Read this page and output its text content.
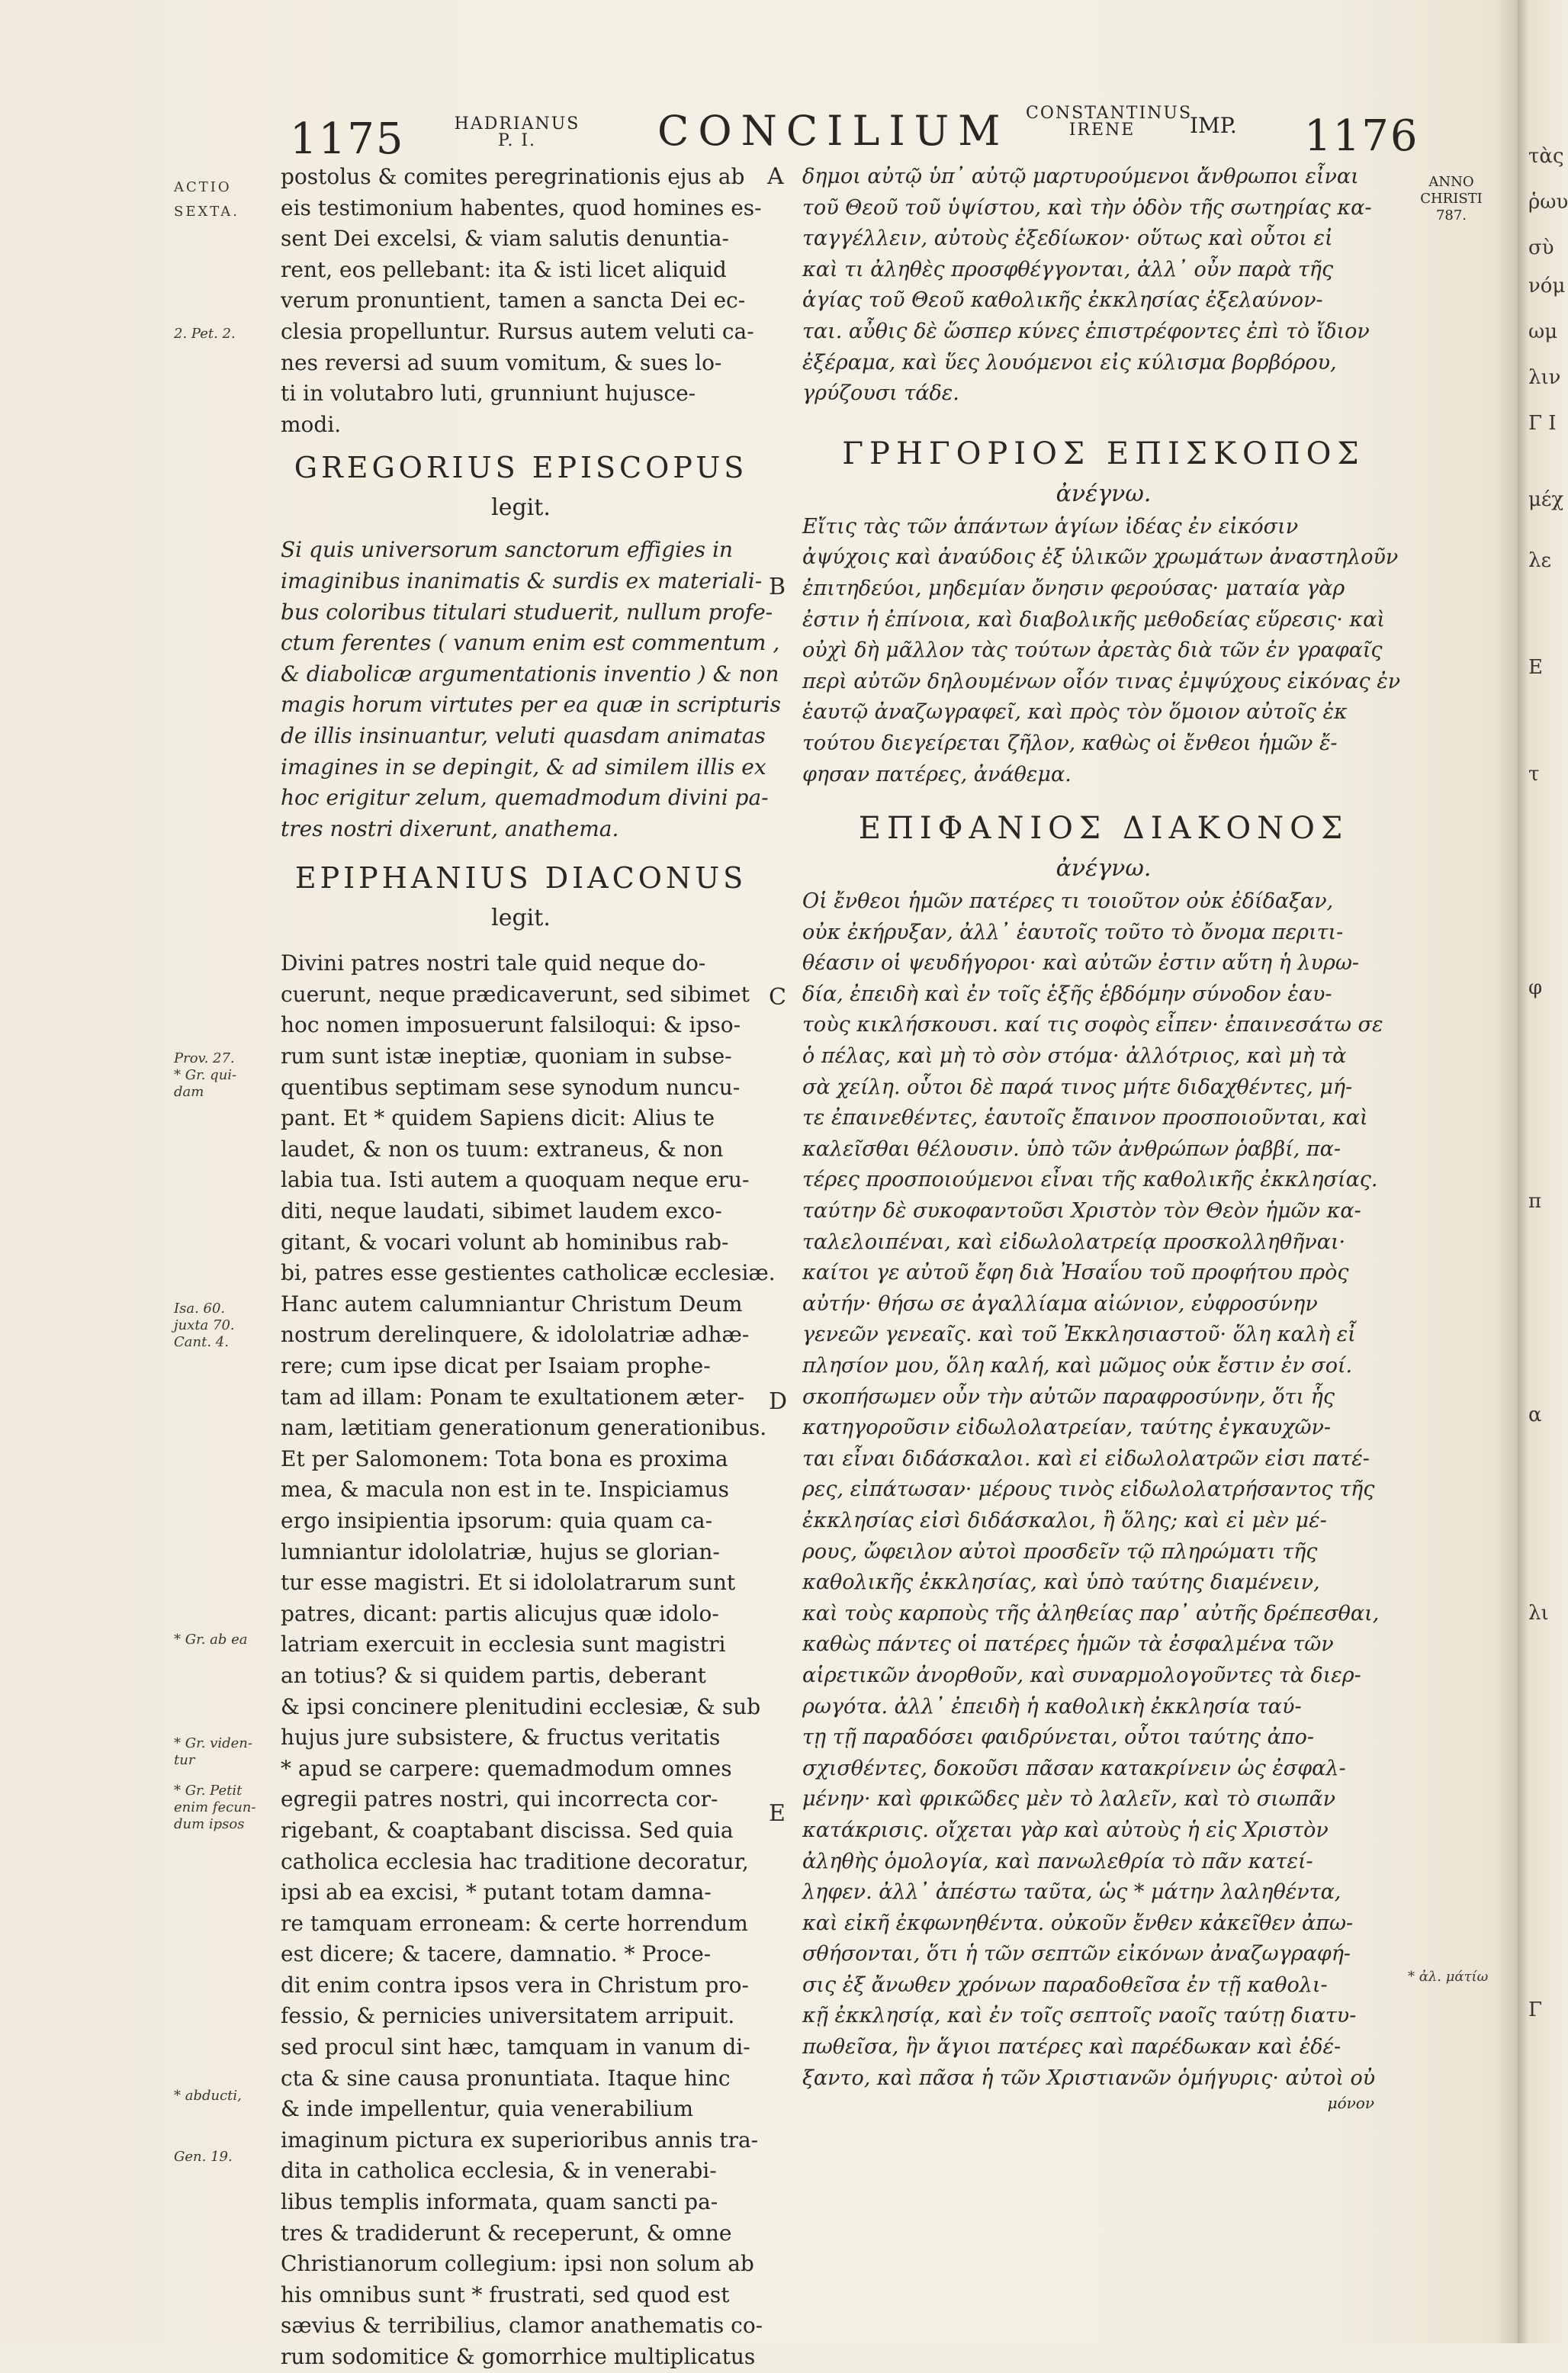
1175	HADRIANUS
P. I.	CONCILIUM CONSTANTINUS
IRENE	IMP. 1176
ANNO
CHRISTI
787.
ACTIO
SEXTA.
2. Pet. 2.
Prov. 27.
* Gr. qui-
dam
Isa. 60.
juxta 70.
Cant. 4.
* Gr. ab ea
* Gr. viden-
tur
* Gr. Petit
enim fecun-
dum ipsos
* abducti,
Gen. 19.
* ἀλ. μάτίω
A
B
C
D
E
postolus & comites peregrinationis ejus ab
eis testimonium habentes, quod homines es-
sent Dei excelsi, & viam salutis denuntia-
rent, eos pellebant: ita & isti licet aliquid
verum pronuntient, tamen a sancta Dei ec-
clesia propelluntur. Rursus autem veluti ca-
nes reversi ad suum vomitum, & sues lo-
ti in volutabro luti, grunniunt hujusce-
modi.
GREGORIUS EPISCOPUS
legit.
Si quis universorum sanctorum effigies in
imaginibus inanimatis & surdis ex materiali-
bus coloribus titulari studuerit, nullum profe-
ctum ferentes ( vanum enim est commentum ,
& diabolicæ argumentationis inventio ) & non
magis horum virtutes per ea quæ in scripturis
de illis insinuantur, veluti quasdam animatas
imagines in se depingit, & ad similem illis ex
hoc erigitur zelum, quemadmodum divini pa-
tres nostri dixerunt, anathema.
EPIPHANIUS DIACONUS
legit.
Divini patres nostri tale quid neque do-
cuerunt, neque prædicaverunt, sed sibimet
hoc nomen imposuerunt falsiloqui: & ipso-
rum sunt istæ ineptiæ, quoniam in subse-
quentibus septimam sese synodum nuncu-
pant. Et * quidem Sapiens dicit: Alius te
laudet, & non os tuum: extraneus, & non
labia tua. Isti autem a quoquam neque eru-
diti, neque laudati, sibimet laudem exco-
gitant, & vocari volunt ab hominibus rab-
bi, patres esse gestientes catholicæ ecclesiæ.
Hanc autem calumniantur Christum Deum
nostrum derelinquere, & idololatriæ adhæ-
rere; cum ipse dicat per Isaiam prophe-
tam ad illam: Ponam te exultationem æter-
nam, lætitiam generationum generationibus.
Et per Salomonem: Tota bona es proxima
mea, & macula non est in te. Inspiciamus
ergo insipientia ipsorum: quia quam ca-
lumniantur idololatriæ, hujus se glorian-
tur esse magistri. Et si idololatrarum sunt
patres, dicant: partis alicujus quæ idolo-
latriam exercuit in ecclesia sunt magistri
an totius? & si quidem partis, deberant
& ipsi concinere plenitudini ecclesiæ, & sub
hujus jure subsistere, & fructus veritatis
* apud se carpere: quemadmodum omnes
egregii patres nostri, qui incorrecta cor-
rigebant, & coaptabant discissa. Sed quia
catholica ecclesia hac traditione decoratur,
ipsi ab ea excisi, * putant totam damna-
re tamquam erroneam: & certe horrendum
est dicere; & tacere, damnatio. * Proce-
dit enim contra ipsos vera in Christum pro-
fessio, & pernicies universitatem arripuit.
sed procul sint hæc, tamquam in vanum di-
cta & sine causa pronuntiata. Itaque hinc
& inde impellentur, quia venerabilium
imaginum pictura ex superioribus annis tra-
dita in catholica ecclesia, & in venerabi-
libus templis informata, quam sancti pa-
tres & tradiderunt & receperunt, & omne
Christianorum collegium: ipsi non solum ab
his omnibus sunt * frustrati, sed quod est
sævius & terribilius, clamor anathematis co-
rum sodomitice & gomorrhice multiplicatus
δημοι αὐτῷ ὑπ᾽ αὐτῷ μαρτυρούμενοι ἄνθρωποι εἶναι
τοῦ Θεοῦ τοῦ ὑψίστου, καὶ τὴν ὁδὸν τῆς σωτηρίας κα-
ταγγέλλειν, αὐτοὺς ἐξεδίωκον· οὕτως καὶ οὗτοι εἰ
καὶ τι ἀληθὲς προσφθέγγονται, ἀλλ᾽ οὖν παρὰ τῆς
ἁγίας τοῦ Θεοῦ καθολικῆς ἐκκλησίας ἐξελαύνον-
ται. αὖθις δὲ ὥσπερ κύνες ἐπιστρέφοντες ἐπὶ τὸ ἴδιον
ἐξέραμα, καὶ ὕες λουόμενοι εἰς κύλισμα βορβόρου,
γρύζουσι τάδε.
ΓΡΗΓΟΡΙΟΣ ΕΠΙΣΚΟΠΟΣ
ἀνέγνω.
Εἴτις τὰς τῶν ἁπάντων ἁγίων ἰδέας ἐν εἰκόσιν
ἀψύχοις καὶ ἀναύδοις ἐξ ὑλικῶν χρωμάτων ἀναστηλοῦν
ἐπιτηδεύοι, μηδεμίαν ὄνησιν φερούσας· ματαία γὰρ
ἐστιν ἡ ἐπίνοια, καὶ διαβολικῆς μεθοδείας εὕρεσις· καὶ
οὐχὶ δὴ μᾶλλον τὰς τούτων ἀρετὰς διὰ τῶν ἐν γραφαῖς
περὶ αὐτῶν δηλουμένων οἷόν τινας ἐμψύχους εἰκόνας ἐν
ἑαυτῷ ἀναζωγραφεῖ, καὶ πρὸς τὸν ὅμοιον αὐτοῖς ἐκ
τούτου διεγείρεται ζῆλον, καθὼς οἱ ἔνθεοι ἡμῶν ἔ-
φησαν πατέρες, ἀνάθεμα.
ΕΠΙΦΑΝΙΟΣ ΔΙΑΚΟΝΟΣ
ἀνέγνω.
Οἱ ἔνθεοι ἡμῶν πατέρες τι τοιοῦτον οὐκ ἐδίδαξαν,
οὐκ ἐκήρυξαν, ἀλλ᾽ ἑαυτοῖς τοῦτο τὸ ὄνομα περιτι-
θέασιν οἱ ψευδήγοροι· καὶ αὐτῶν ἐστιν αὕτη ἡ λυρω-
δία, ἐπειδὴ καὶ ἐν τοῖς ἑξῆς ἑβδόμην σύνοδον ἑαυ-
τοὺς κικλήσκουσι. καί τις σοφὸς εἶπεν· ἐπαινεσάτω σε
ὁ πέλας, καὶ μὴ τὸ σὸν στόμα· ἀλλότριος, καὶ μὴ τὰ
σὰ χείλη. οὗτοι δὲ παρά τινος μήτε διδαχθέντες, μή-
τε ἐπαινεθέντες, ἑαυτοῖς ἔπαινον προσποιοῦνται, καὶ
καλεῖσθαι θέλουσιν. ὑπὸ τῶν ἀνθρώπων ῥαββί, πα-
τέρες προσποιούμενοι εἶναι τῆς καθολικῆς ἐκκλησίας.
ταύτην δὲ συκοφαντοῦσι Χριστὸν τὸν Θεὸν ἡμῶν κα-
ταλελοιπέναι, καὶ εἰδωλολατρείᾳ προσκολληθῆναι·
καίτοι γε αὐτοῦ ἔφη διὰ Ἠσαΐου τοῦ προφήτου πρὸς
αὐτήν· θήσω σε ἀγαλλίαμα αἰώνιον, εὐφροσύνην
γενεῶν γενεαῖς. καὶ τοῦ Ἐκκλησιαστοῦ· ὅλη καλὴ εἶ
πλησίον μου, ὅλη καλή, καὶ μῶμος οὐκ ἔστιν ἐν σοί.
σκοπήσωμεν οὖν τὴν αὐτῶν παραφροσύνην, ὅτι ἧς
κατηγοροῦσιν εἰδωλολατρείαν, ταύτης ἐγκαυχῶν-
ται εἶναι διδάσκαλοι. καὶ εἰ εἰδωλολατρῶν εἰσι πατέ-
ρες, εἰπάτωσαν· μέρους τινὸς εἰδωλολατρήσαντος τῆς
ἐκκλησίας εἰσὶ διδάσκαλοι, ἢ ὅλης; καὶ εἰ μὲν μέ-
ρους, ὤφειλον αὐτοὶ προσδεῖν τῷ πληρώματι τῆς
καθολικῆς ἐκκλησίας, καὶ ὑπὸ ταύτης διαμένειν,
καὶ τοὺς καρποὺς τῆς ἀληθείας παρ᾽ αὐτῆς δρέπεσθαι,
καθὼς πάντες οἱ πατέρες ἡμῶν τὰ ἐσφαλμένα τῶν
αἱρετικῶν ἀνορθοῦν, καὶ συναρμολογοῦντες τὰ διερ-
ρωγότα. ἀλλ᾽ ἐπειδὴ ἡ καθολικὴ ἐκκλησία ταύ-
τῃ τῇ παραδόσει φαιδρύνεται, οὗτοι ταύτης ἀπο-
σχισθέντες, δοκοῦσι πᾶσαν κατακρίνειν ὡς ἐσφαλ-
μένην· καὶ φρικῶδες μὲν τὸ λαλεῖν, καὶ τὸ σιωπᾶν
κατάκρισις. οἴχεται γὰρ καὶ αὐτοὺς ἡ εἰς Χριστὸν
ἀληθὴς ὁμολογία, καὶ πανωλεθρία τὸ πᾶν κατεί-
ληφεν. ἀλλ᾽ ἀπέστω ταῦτα, ὡς * μάτην λαληθέντα,
καὶ εἰκῆ ἐκφωνηθέντα. οὐκοῦν ἔνθεν κἀκεῖθεν ἀπω-
σθήσονται, ὅτι ἡ τῶν σεπτῶν εἰκόνων ἀναζωγραφή-
σις ἐξ ἄνωθεν χρόνων παραδοθεῖσα ἐν τῇ καθολι-
κῇ ἐκκλησίᾳ, καὶ ἐν τοῖς σεπτοῖς ναοῖς ταύτῃ διατυ-
πωθεῖσα, ἣν ἅγιοι πατέρες καὶ παρέδωκαν καὶ ἐδέ-
ξαντο, καὶ πᾶσα ἡ τῶν Χριστιανῶν ὁμήγυρις· αὐτοὶ οὐ
μόνον
τὰς
ῥωυ
σὺ
νόμ
ωμ
λιν
Γ Ι
μέχ
λε
Ε
τ
φ
π
α
λι
Γ
